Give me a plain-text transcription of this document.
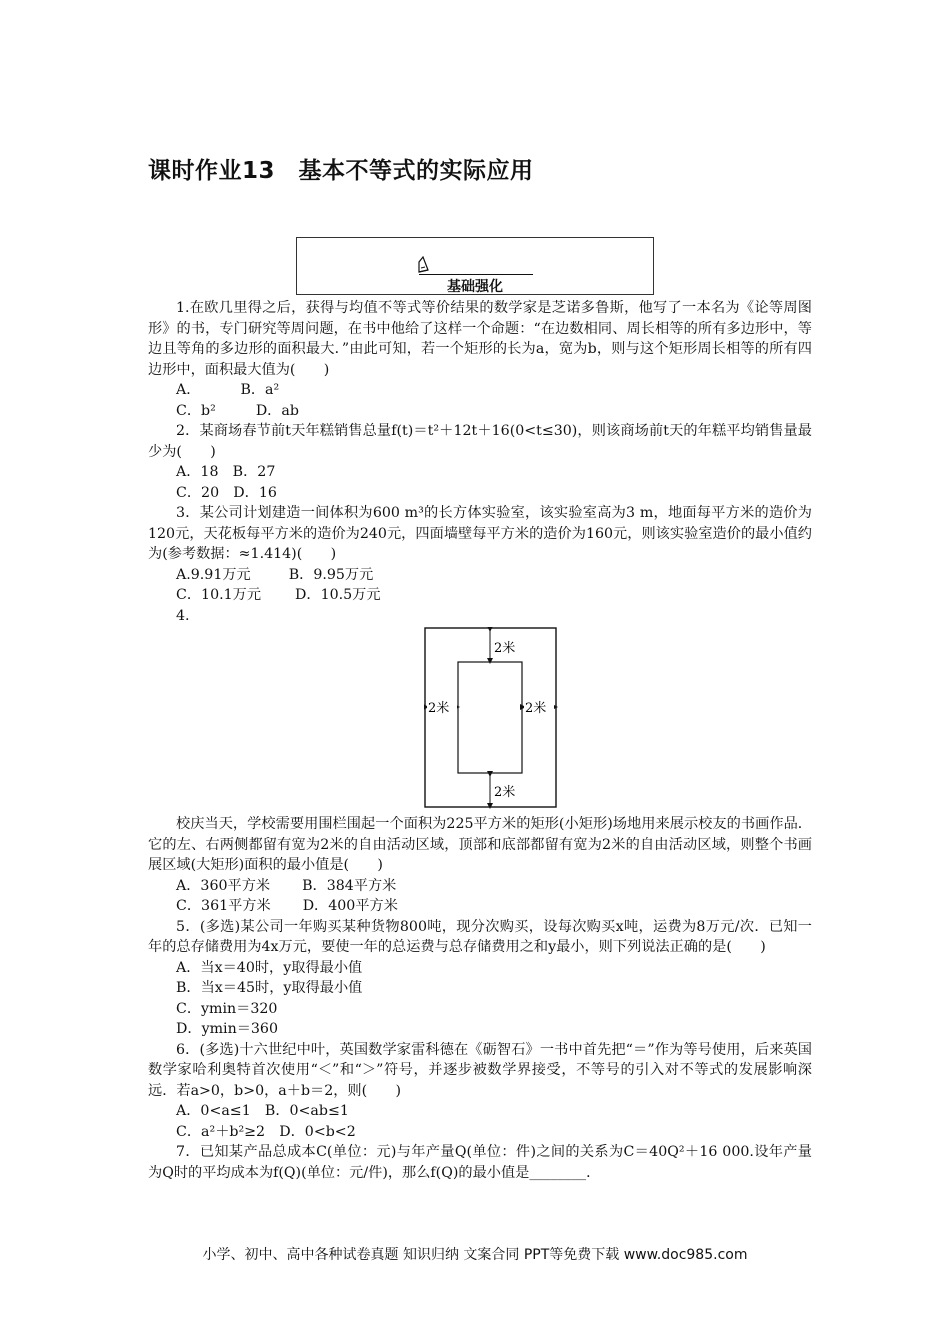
课时作业13　基本不等式的实际应用
基础强化

1.在欧几里得之后，获得与均值不等式等价结果的数学家是芝诺多鲁斯，他写了一本名为《论等周图形》的书，专门研究等周问题，在书中他给了这样一个命题：“在边数相同、周长相等的所有多边形中，等边且等角的多边形的面积最大．”由此可知，若一个矩形的长为a，宽为b，则与这个矩形周长相等的所有四边形中，面积最大值为(　　)

A．	B．a²

C．b²	D．ab

2．某商场春节前t天年糕销售总量f(t)＝t²＋12t＋16(0<t≤30)，则该商场前t天的年糕平均销售量最少为(　　)

A．18　B．27

C．20　D．16

3．某公司计划建造一间体积为600 m³的长方体实验室，该实验室高为3 m，地面每平方米的造价为120元，天花板每平方米的造价为240元，四面墙壁每平方米的造价为160元，则该实验室造价的最小值约为(参考数据：≈1.414)(　　)

A.9.91万元	B．9.95万元

C．10.1万元 D．10.5万元

4.

校庆当天，学校需要用围栏围起一个面积为225平方米的矩形(小矩形)场地用来展示校友的书画作品．它的左、右两侧都留有宽为2米的自由活动区域，顶部和底部都留有宽为2米的自由活动区域，则整个书画展区域(大矩形)面积的最小值是(　　)

A．360平方米 B．384平方米

C．361平方米 D．400平方米

5．(多选)某公司一年购买某种货物800吨，现分次购买，设每次购买x吨，运费为8万元/次．已知一年的总存储费用为4x万元，要使一年的总运费与总存储费用之和y最小，则下列说法正确的是(　　)

A．当x＝40时，y取得最小值

B．当x＝45时，y取得最小值

C．ymin＝320

D．ymin＝360

6．(多选)十六世纪中叶，英国数学家雷科德在《砺智石》一书中首先把“＝”作为等号使用，后来英国数学家哈利奥特首次使用“＜”和“＞”符号，并逐步被数学界接受，不等号的引入对不等式的发展影响深远．若a>0，b>0，a＋b＝2，则(　　)

A．0<a≤1　B．0<ab≤1

C．a²＋b²≥2　D．0<b<2

7．已知某产品总成本C(单位：元)与年产量Q(单位：件)之间的关系为C＝40Q²＋16 000.设年产量为Q时的平均成本为f(Q)(单位：元/件)，那么f(Q)的最小值是________．

2米
2米	2米
2米
小学、初中、高中各种试卷真题 知识归纳 文案合同 PPT等免费下载 www.doc985.com
